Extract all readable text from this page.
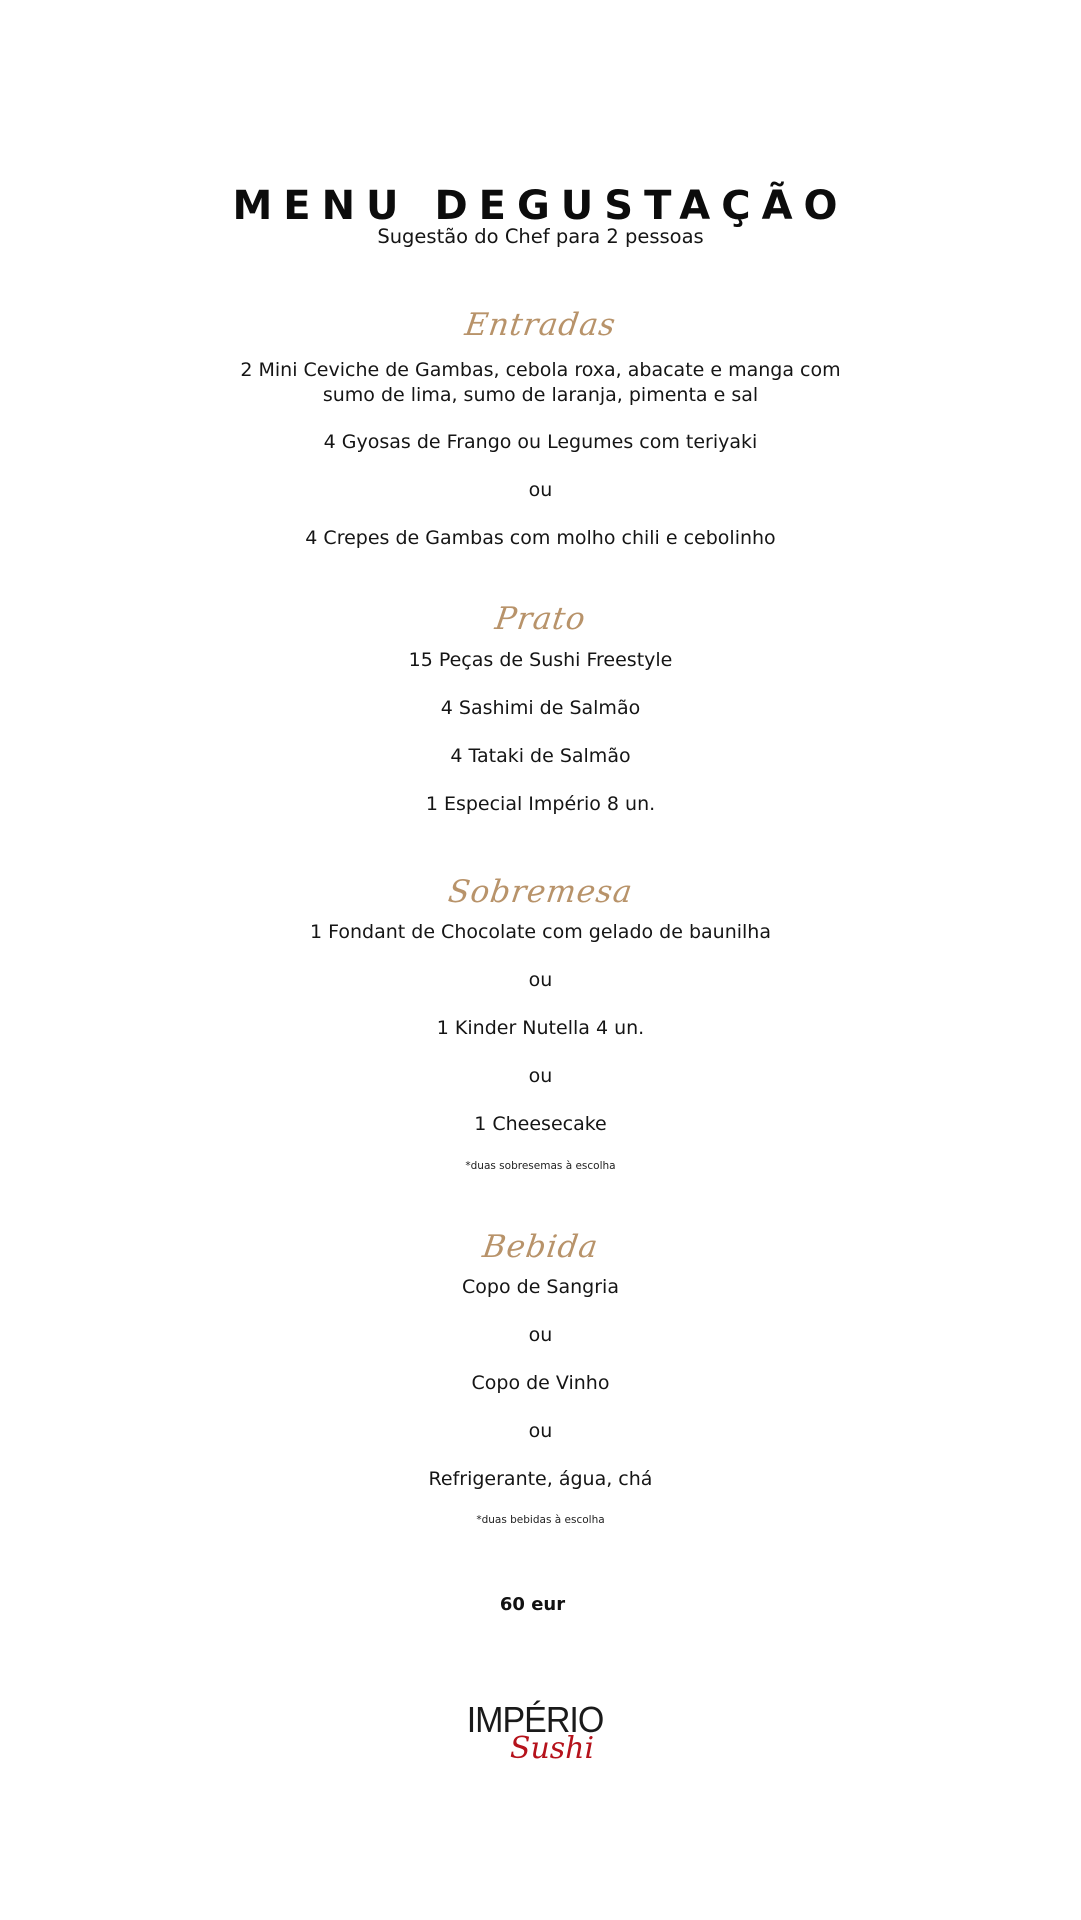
MENU DEGUSTAÇÃO
Sugestão do Chef para 2 pessoas
Entradas
2 Mini Ceviche de Gambas, cebola roxa, abacate e manga com sumo de lima, sumo de laranja, pimenta e sal
4 Gyosas de Frango ou Legumes com teriyaki
ou
4 Crepes de Gambas com molho chili e cebolinho
Prato
15 Peças de Sushi Freestyle
4 Sashimi de Salmão
4 Tataki de Salmão
1 Especial Império 8 un.
Sobremesa
1 Fondant de Chocolate com gelado de baunilha
ou
1 Kinder Nutella 4 un.
ou
1 Cheesecake
*duas sobresemas à escolha
Bebida
Copo de Sangria
ou
Copo de Vinho
ou
Refrigerante, água, chá
*duas bebidas à escolha
60 eur
IMPÉRIO
Sushi
